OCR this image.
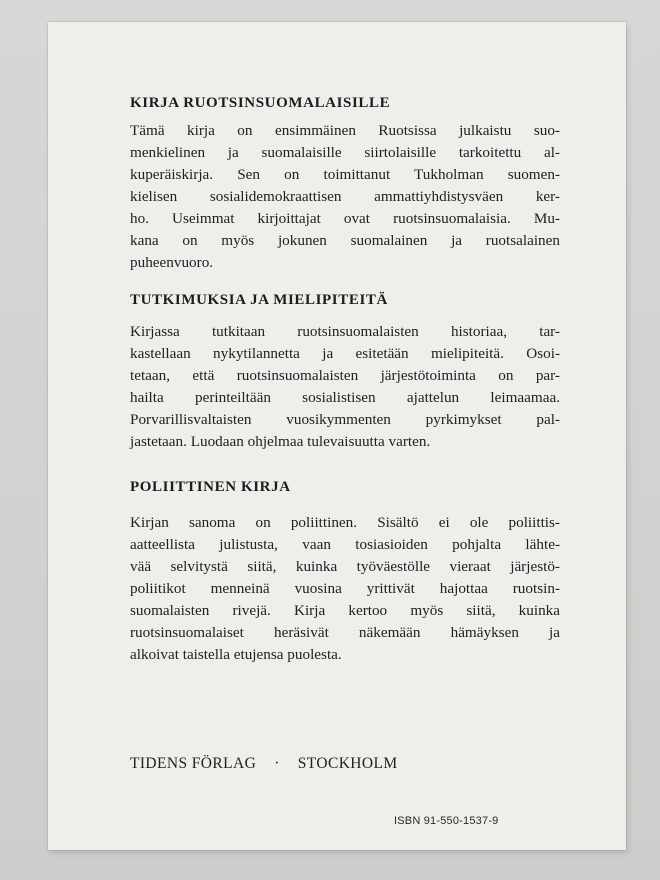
KIRJA RUOTSINSUOMALAISILLE
Tämä kirja on ensimmäinen Ruotsissa julkaistu suo-
menkielinen ja suomalaisille siirtolaisille tarkoitettu al-
kuperäiskirja. Sen on toimittanut Tukholman suomen-
kielisen sosialidemokraattisen ammattiyhdistysväen ker-
ho. Useimmat kirjoittajat ovat ruotsinsuomalaisia. Mu-
kana on myös jokunen suomalainen ja ruotsalainen
puheenvuoro.
TUTKIMUKSIA JA MIELIPITEITÄ
Kirjassa tutkitaan ruotsinsuomalaisten historiaa, tar-
kastellaan nykytilannetta ja esitetään mielipiteitä. Osoi-
tetaan, että ruotsinsuomalaisten järjestötoiminta on par-
hailta perinteiltään sosialistisen ajattelun leimaamaa.
Porvarillisvaltaisten vuosikymmenten pyrkimykset pal-
jastetaan. Luodaan ohjelmaa tulevaisuutta varten.
POLIITTINEN KIRJA
Kirjan sanoma on poliittinen. Sisältö ei ole poliittis-
aatteellista julistusta, vaan tosiasioiden pohjalta lähte-
vää selvitystä siitä, kuinka työväestölle vieraat järjestö-
poliitikot menneinä vuosina yrittivät hajottaa ruotsin-
suomalaisten rivejä. Kirja kertoo myös siitä, kuinka
ruotsinsuomalaiset heräsivät näkemään hämäyksen ja
alkoivat taistella etujensa puolesta.
TIDENS FÖRLAG · STOCKHOLM
ISBN 91-550-1537-9
